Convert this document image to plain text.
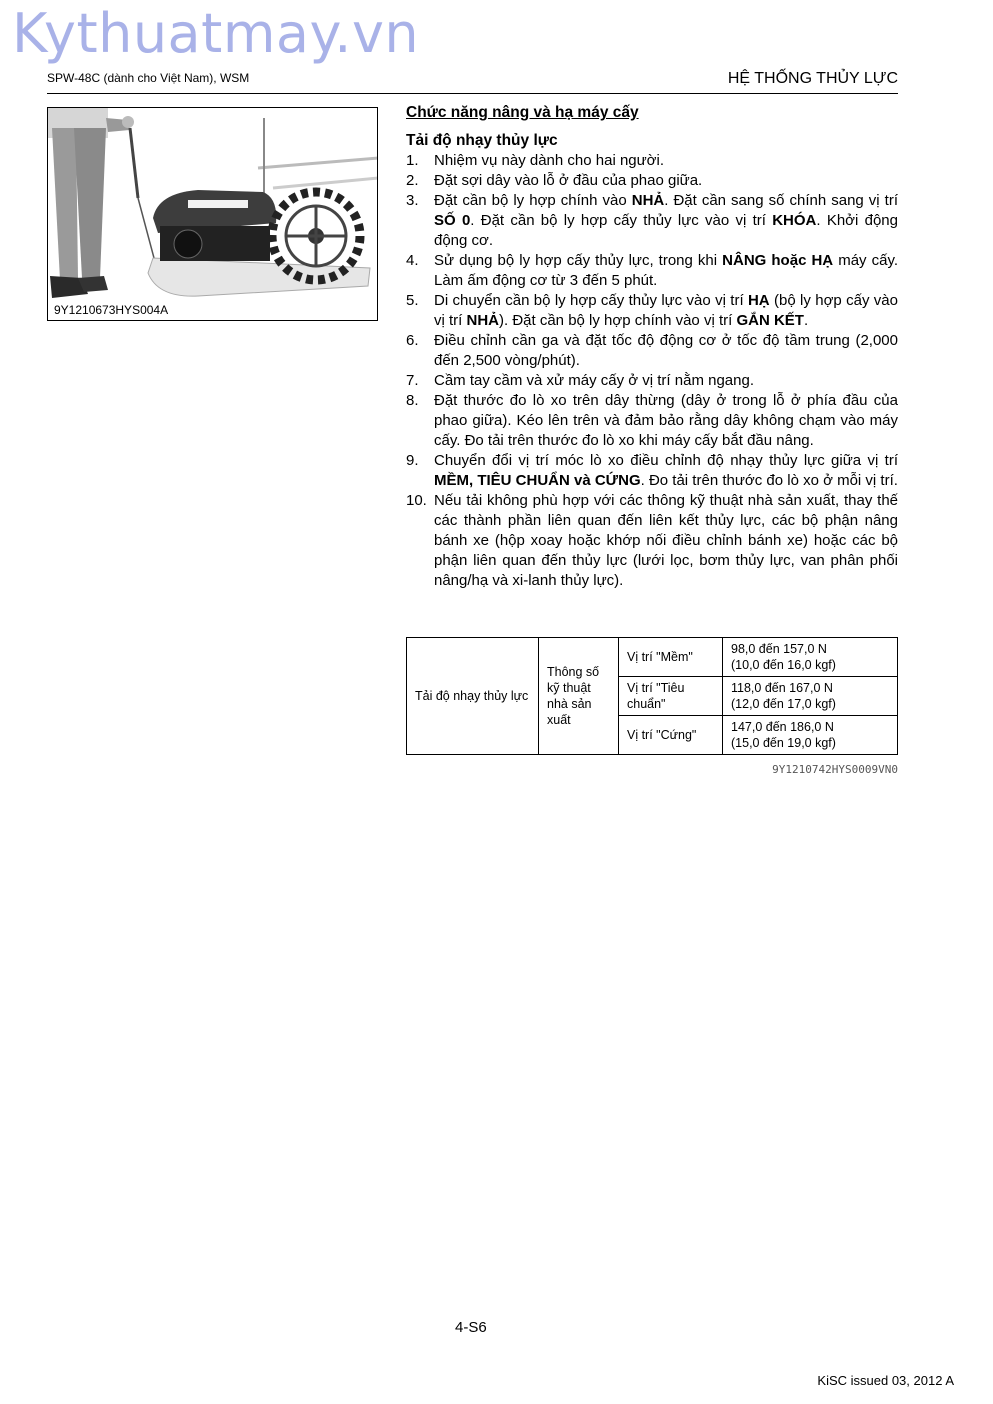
Kythuatmay.vn
SPW-48C (dành cho Việt Nam), WSM	HỆ THỐNG THỦY LỰC
9Y1210673HYS004A
Chức năng nâng và hạ máy cấy
Tải độ nhạy thủy lực
1.	Nhiệm vụ này dành cho hai người.
2.	Đặt sợi dây vào lỗ ở đầu của phao giữa.
3.	Đặt cần bộ ly hợp chính vào NHẢ. Đặt cần sang số chính sang vị trí SỐ 0. Đặt cần bộ ly hợp cấy thủy lực vào vị trí KHÓA. Khởi động động cơ.
4.	Sử dụng bộ ly hợp cấy thủy lực, trong khi NÂNG hoặc HẠ máy cấy. Làm ấm động cơ từ 3 đến 5 phút.
5.	Di chuyển cần bộ ly hợp cấy thủy lực vào vị trí HẠ (bộ ly hợp cấy vào vị trí NHẢ). Đặt cần bộ ly hợp chính vào vị trí GẮN KẾT.
6.	Điều chỉnh cần ga và đặt tốc độ động cơ ở tốc độ tầm trung (2,000 đến 2,500 vòng/phút).
7.	Cầm tay cầm và xử máy cấy ở vị trí nằm ngang.
8.	Đặt thước đo lò xo trên dây thừng (dây ở trong lỗ ở phía đầu của phao giữa). Kéo lên trên và đảm bảo rằng dây không chạm vào máy cấy. Đo tải trên thước đo lò xo khi máy cấy bắt đầu nâng.
9.	Chuyển đổi vị trí móc lò xo điều chỉnh độ nhạy thủy lực giữa vị trí MỀM, TIÊU CHUẨN và CỨNG. Đo tải trên thước đo lò xo ở mỗi vị trí.
10. Nếu tải không phù hợp với các thông kỹ thuật nhà sản xuất, thay thế các thành phần liên quan đến liên kết thủy lực, các bộ phận nâng bánh xe (hộp xoay hoặc khớp nối điều chỉnh bánh xe) hoặc các bộ phận liên quan đến thủy lực (lưới lọc, bơm thủy lực, van phân phối nâng/hạ và xi-lanh thủy lực).
Tải độ nhạy thủy lực	Thông số kỹ thuật nhà sản xuất	Vị trí "Mềm"	98,0 đến 157,0 N
(10,0 đến 16,0 kgf)
		Vị trí "Tiêu chuẩn"	118,0 đến 167,0 N
(12,0 đến 17,0 kgf)
		Vị trí "Cứng"	147,0 đến 186,0 N
(15,0 đến 19,0 kgf)
9Y1210742HYS0009VN0
4-S6
KiSC issued 03, 2012 A
